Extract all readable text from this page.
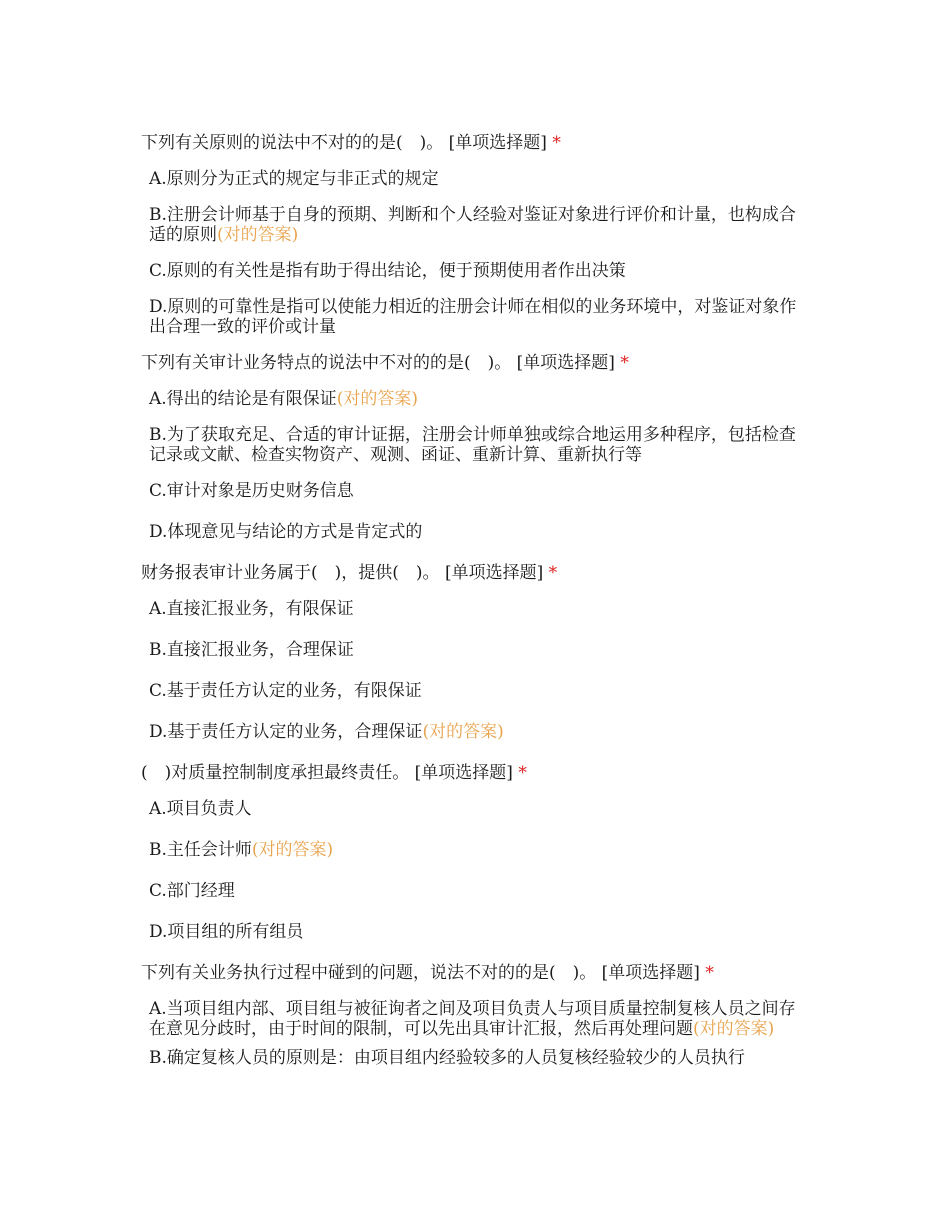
下列有关原则的说法中不对的的是(　)。 [单项选择题] *
A.原则分为正式的规定与非正式的规定
B.注册会计师基于自身的预期、判断和个人经验对鉴证对象进行评价和计量，也构成合适的原则(对的答案)
C.原则的有关性是指有助于得出结论，便于预期使用者作出决策
D.原则的可靠性是指可以使能力相近的注册会计师在相似的业务环境中，对鉴证对象作出合理一致的评价或计量
下列有关审计业务特点的说法中不对的的是(　)。 [单项选择题] *
A.得出的结论是有限保证(对的答案)
B.为了获取充足、合适的审计证据，注册会计师单独或综合地运用多种程序，包括检查记录或文献、检查实物资产、观测、函证、重新计算、重新执行等
C.审计对象是历史财务信息
D.体现意见与结论的方式是肯定式的
财务报表审计业务属于(　)，提供(　)。 [单项选择题] *
A.直接汇报业务，有限保证
B.直接汇报业务，合理保证
C.基于责任方认定的业务，有限保证
D.基于责任方认定的业务，合理保证(对的答案)
(　)对质量控制制度承担最终责任。 [单项选择题] *
A.项目负责人
B.主任会计师(对的答案)
C.部门经理
D.项目组的所有组员
下列有关业务执行过程中碰到的问题，说法不对的的是(　)。 [单项选择题] *
A.当项目组内部、项目组与被征询者之间及项目负责人与项目质量控制复核人员之间存在意见分歧时，由于时间的限制，可以先出具审计汇报，然后再处理问题(对的答案)
B.确定复核人员的原则是：由项目组内经验较多的人员复核经验较少的人员执行
